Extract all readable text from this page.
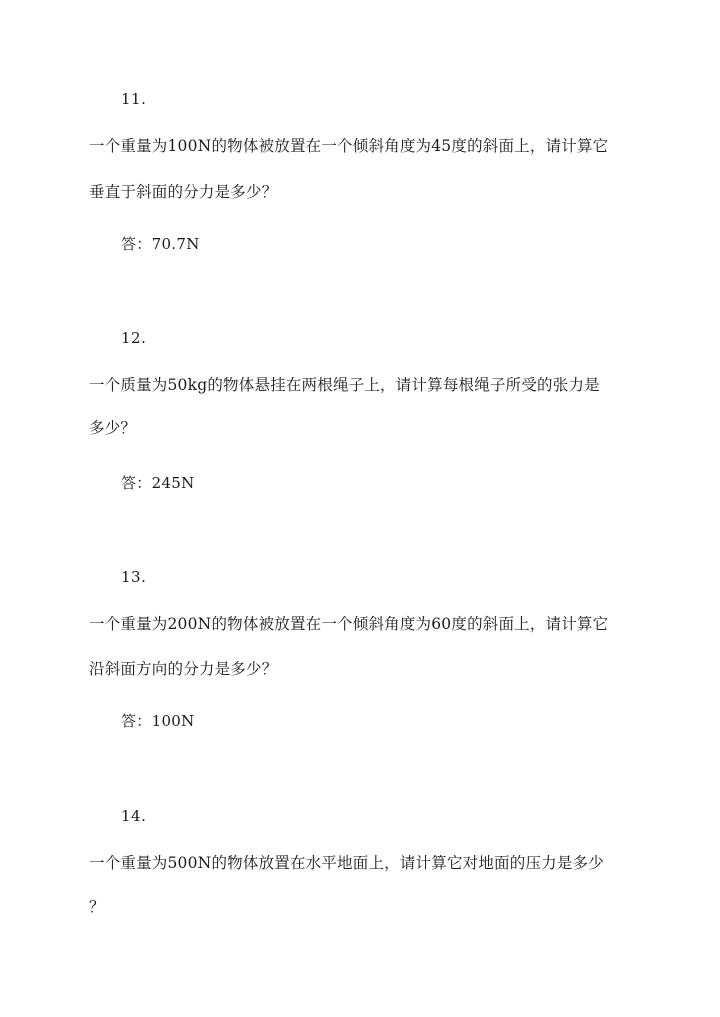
11.
一个重量为100N的物体被放置在一个倾斜角度为45度的斜面上，请计算它
垂直于斜面的分力是多少？
答：70.7N
12.
一个质量为50kg的物体悬挂在两根绳子上，请计算每根绳子所受的张力是
多少？
答：245N
13.
一个重量为200N的物体被放置在一个倾斜角度为60度的斜面上，请计算它
沿斜面方向的分力是多少？
答：100N
14.
一个重量为500N的物体放置在水平地面上，请计算它对地面的压力是多少
？
